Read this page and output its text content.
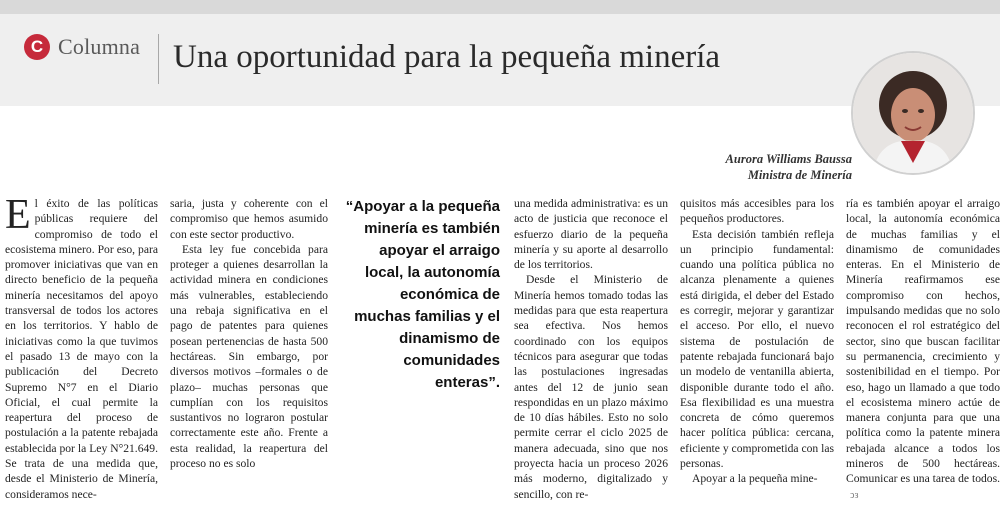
C Columna Una oportunidad para la pequeña minería
Aurora Williams Baussa
Ministra de Minería

El éxito de las políticas públicas requiere del compromiso de todo el ecosistema minero. Por eso, para promover iniciativas que van en directo beneficio de la pequeña minería necesitamos del apoyo transversal de todos los actores en los territorios. Y hablo de iniciativas como la que tuvimos el pasado 13 de mayo con la publicación del Decreto Supremo N°7 en el Diario Oficial, el cual permite la reapertura del proceso de postulación a la patente rebajada establecida por la Ley N°21.649. Se trata de una medida que, desde el Ministerio de Minería, consideramos nece-

saria, justa y coherente con el compromiso que hemos asumido con este sector productivo.

Esta ley fue concebida para proteger a quienes desarrollan la actividad minera en condiciones más vulnerables, estableciendo una rebaja significativa en el pago de patentes para quienes posean pertenencias de hasta 500 hectáreas. Sin embargo, por diversos motivos –formales o de plazo– muchas personas que cumplían con los requisitos sustantivos no lograron postular correctamente este año. Frente a esta realidad, la reapertura del proceso no es solo

“Apoyar a la pequeña minería es también apoyar el arraigo local, la autonomía económica de muchas familias y el dinamismo de comunidades enteras”.

una medida administrativa: es un acto de justicia que reconoce el esfuerzo diario de la pequeña minería y su aporte al desarrollo de los territorios.

Desde el Ministerio de Minería hemos tomado todas las medidas para que esta reapertura sea efectiva. Nos hemos coordinado con los equipos técnicos para asegurar que todas las postulaciones ingresadas antes del 12 de junio sean respondidas en un plazo máximo de 10 días hábiles. Esto no solo permite cerrar el ciclo 2025 de manera adecuada, sino que nos proyecta hacia un proceso 2026 más moderno, digitalizado y sencillo, con re-

quisitos más accesibles para los pequeños productores.

Esta decisión también refleja un principio fundamental: cuando una política pública no alcanza plenamente a quienes está dirigida, el deber del Estado es corregir, mejorar y garantizar el acceso. Por ello, el nuevo sistema de postulación de patente rebajada funcionará bajo un modelo de ventanilla abierta, disponible durante todo el año. Esa flexibilidad es una muestra concreta de cómo queremos hacer política pública: cercana, eficiente y comprometida con las personas.

Apoyar a la pequeña mine-

ría es también apoyar el arraigo local, la autonomía económica de muchas familias y el dinamismo de comunidades enteras. En el Ministerio de Minería reafirmamos ese compromiso con hechos, impulsando medidas que no solo reconocen el rol estratégico del sector, sino que buscan facilitar su permanencia, crecimiento y sostenibilidad en el tiempo. Por eso, hago un llamado a que todo el ecosistema minero actúe de manera conjunta para que una política como la patente minera rebajada alcance a todos los mineros de 500 hectáreas. Comunicar es una tarea de todos.ↄз
